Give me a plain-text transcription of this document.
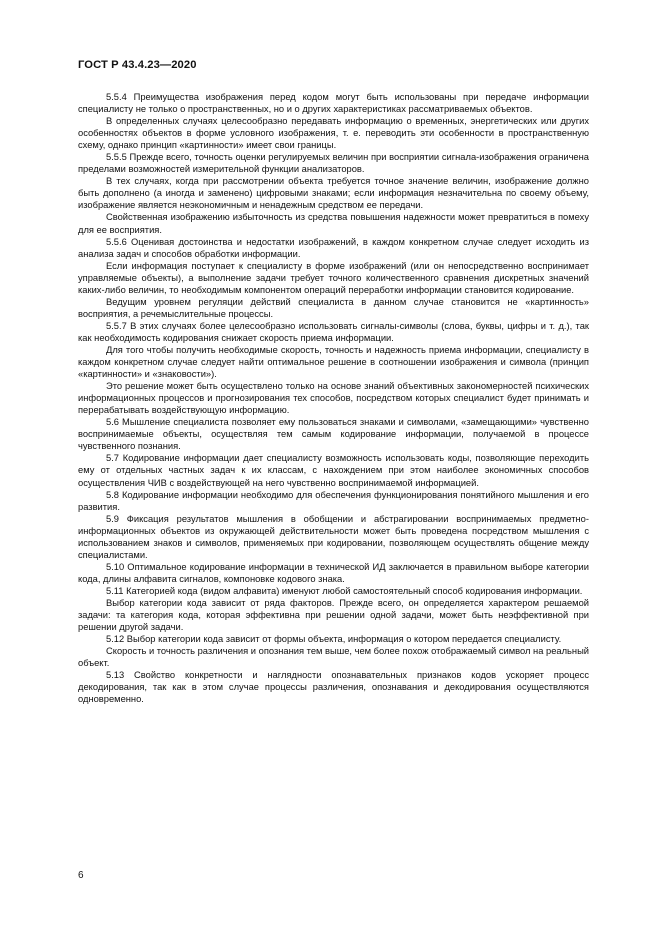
ГОСТ Р 43.4.23—2020

5.5.4 Преимущества изображения перед кодом могут быть использованы при передаче информации специалисту не только о пространственных, но и о других характеристиках рассматриваемых объектов.

В определенных случаях целесообразно передавать информацию о временных, энергетических или других особенностях объектов в форме условного изображения, т. е. переводить эти особенности в пространственную схему, однако принцип «картинности» имеет свои границы.

5.5.5 Прежде всего, точность оценки регулируемых величин при восприятии сигнала-изображения ограничена пределами возможностей измерительной функции анализаторов.

В тех случаях, когда при рассмотрении объекта требуется точное значение величин, изображение должно быть дополнено (а иногда и заменено) цифровыми знаками; если информация незначительна по своему объему, изображение является неэкономичным и ненадежным средством ее передачи.

Свойственная изображению избыточность из средства повышения надежности может превратиться в помеху для ее восприятия.

5.5.6 Оценивая достоинства и недостатки изображений, в каждом конкретном случае следует исходить из анализа задач и способов обработки информации.

Если информация поступает к специалисту в форме изображений (или он непосредственно воспринимает управляемые объекты), а выполнение задачи требует точного количественного сравнения дискретных значений каких-либо величин, то необходимым компонентом операций переработки информации становится кодирование.

Ведущим уровнем регуляции действий специалиста в данном случае становится не «картинность» восприятия, а речемыслительные процессы.

5.5.7 В этих случаях более целесообразно использовать сигналы-символы (слова, буквы, цифры и т. д.), так как необходимость кодирования снижает скорость приема информации.

Для того чтобы получить необходимые скорость, точность и надежность приема информации, специалисту в каждом конкретном случае следует найти оптимальное решение в соотношении изображения и символа (принцип «картинности» и «знаковости»).

Это решение может быть осуществлено только на основе знаний объективных закономерностей психических информационных процессов и прогнозирования тех способов, посредством которых специалист будет принимать и перерабатывать воздействующую информацию.

5.6 Мышление специалиста позволяет ему пользоваться знаками и символами, «замещающими» чувственно воспринимаемые объекты, осуществляя тем самым кодирование информации, получаемой в процессе чувственного познания.

5.7 Кодирование информации дает специалисту возможность использовать коды, позволяющие переходить ему от отдельных частных задач к их классам, с нахождением при этом наиболее экономичных способов осуществления ЧИВ с воздействующей на него чувственно воспринимаемой информацией.

5.8 Кодирование информации необходимо для обеспечения функционирования понятийного мышления и его развития.

5.9 Фиксация результатов мышления в обобщении и абстрагировании воспринимаемых предметно-информационных объектов из окружающей действительности может быть проведена посредством мышления с использованием знаков и символов, применяемых при кодировании, позволяющем осуществлять общение между специалистами.

5.10 Оптимальное кодирование информации в технической ИД заключается в правильном выборе категории кода, длины алфавита сигналов, компоновке кодового знака.

5.11 Категорией кода (видом алфавита) именуют любой самостоятельный способ кодирования информации.

Выбор категории кода зависит от ряда факторов. Прежде всего, он определяется характером решаемой задачи: та категория кода, которая эффективна при решении одной задачи, может быть неэффективной при решении другой задачи.

5.12 Выбор категории кода зависит от формы объекта, информация о котором передается специалисту.

Скорость и точность различения и опознания тем выше, чем более похож отображаемый символ на реальный объект.

5.13 Свойство конкретности и наглядности опознавательных признаков кодов ускоряет процесс декодирования, так как в этом случае процессы различения, опознавания и декодирования осуществляются одновременно.

6
